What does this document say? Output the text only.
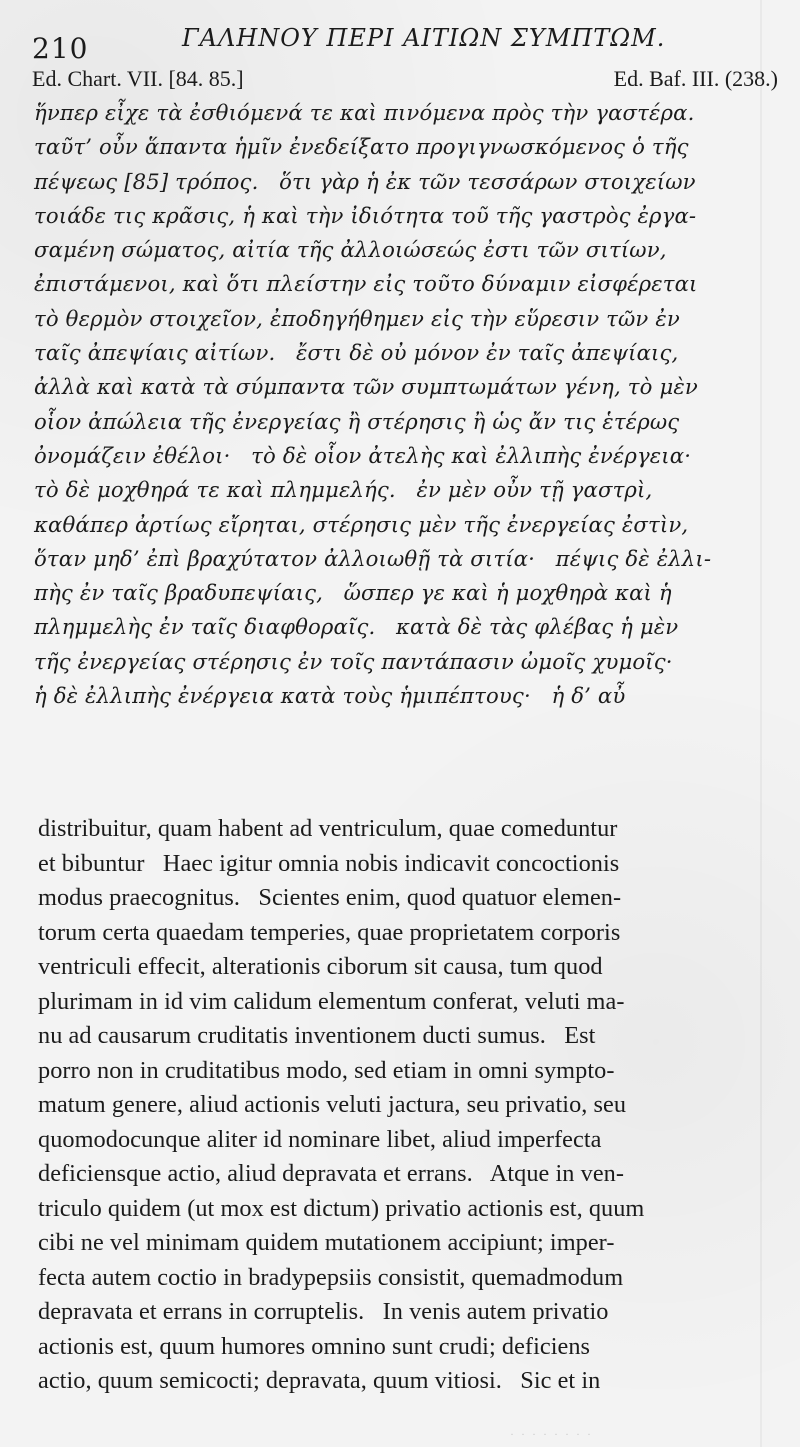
210	ΓΑΛΗΝΟΥ ΠΕΡΙ ΑΙΤΙΩΝ ΣΥΜΠΤΩΜ.
Ed. Chart. VII. [84. 85.]	Ed. Baf. III. (238.)
ἥνπερ εἶχε τὰ ἐσθιόμενά τε καὶ πινόμενα πρὸς τὴν γαστέρα.
ταῦτ’ οὖν ἅπαντα ἡμῖν ἐνεδείξατο προγιγνωσκόμενος ὁ τῆς
πέψεως [85] τρόπος.   ὅτι γὰρ ἡ ἐκ τῶν τεσσάρων στοιχείων
τοιάδε τις κρᾶσις, ἡ καὶ τὴν ἰδιότητα τοῦ τῆς γαστρὸς ἐργα-
σαμένη σώματος, αἰτία τῆς ἀλλοιώσεώς ἐστι τῶν σιτίων,
ἐπιστάμενοι, καὶ ὅτι πλείστην εἰς τοῦτο δύναμιν εἰσφέρεται
τὸ θερμὸν στοιχεῖον, ἐποδηγήθημεν εἰς τὴν εὕρεσιν τῶν ἐν
ταῖς ἀπεψίαις αἰτίων.   ἔστι δὲ οὐ μόνον ἐν ταῖς ἀπεψίαις,
ἀλλὰ καὶ κατὰ τὰ σύμπαντα τῶν συμπτωμάτων γένη, τὸ μὲν
οἷον ἀπώλεια τῆς ἐνεργείας ἢ στέρησις ἢ ὡς ἄν τις ἑτέρως
ὀνομάζειν ἐθέλοι·   τὸ δὲ οἷον ἀτελὴς καὶ ἐλλιπὴς ἐνέργεια·
τὸ δὲ μοχθηρά τε καὶ πλημμελής.   ἐν μὲν οὖν τῇ γαστρὶ,
καθάπερ ἀρτίως εἴρηται, στέρησις μὲν τῆς ἐνεργείας ἐστὶν,
ὅταν μηδ’ ἐπὶ βραχύτατον ἀλλοιωθῇ τὰ σιτία·   πέψις δὲ ἐλλι-
πὴς ἐν ταῖς βραδυπεψίαις,   ὥσπερ γε καὶ ἡ μοχθηρὰ καὶ ἡ
πλημμελὴς ἐν ταῖς διαφθοραῖς.   κατὰ δὲ τὰς φλέβας ἡ μὲν
τῆς ἐνεργείας στέρησις ἐν τοῖς παντάπασιν ὠμοῖς χυμοῖς·
ἡ δὲ ἐλλιπὴς ἐνέργεια κατὰ τοὺς ἡμιπέπτους·   ἡ δ’ αὖ
distribuitur, quam habent ad ventriculum, quae comeduntur
et bibuntur   Haec igitur omnia nobis indicavit concoctionis
modus praecognitus.   Scientes enim, quod quatuor elemen-
torum certa quaedam temperies, quae proprietatem corporis
ventriculi effecit, alterationis ciborum sit causa, tum quod
plurimam in id vim calidum elementum conferat, veluti ma-
nu ad causarum cruditatis inventionem ducti sumus.   Est
porro non in cruditatibus modo, sed etiam in omni sympto-
matum genere, aliud actionis veluti jactura, seu privatio, seu
quomodocunque aliter id nominare libet, aliud imperfecta
deficiensque actio, aliud depravata et errans.   Atque in ven-
triculo quidem (ut mox est dictum) privatio actionis est, quum
cibi ne vel minimam quidem mutationem accipiunt; imper-
fecta autem coctio in bradypepsiis consistit, quemadmodum
depravata et errans in corruptelis.   In venis autem privatio
actionis est, quum humores omnino sunt crudi; deficiens
actio, quum semicocti; depravata, quum vitiosi.   Sic et in
· · · · · · · ·
